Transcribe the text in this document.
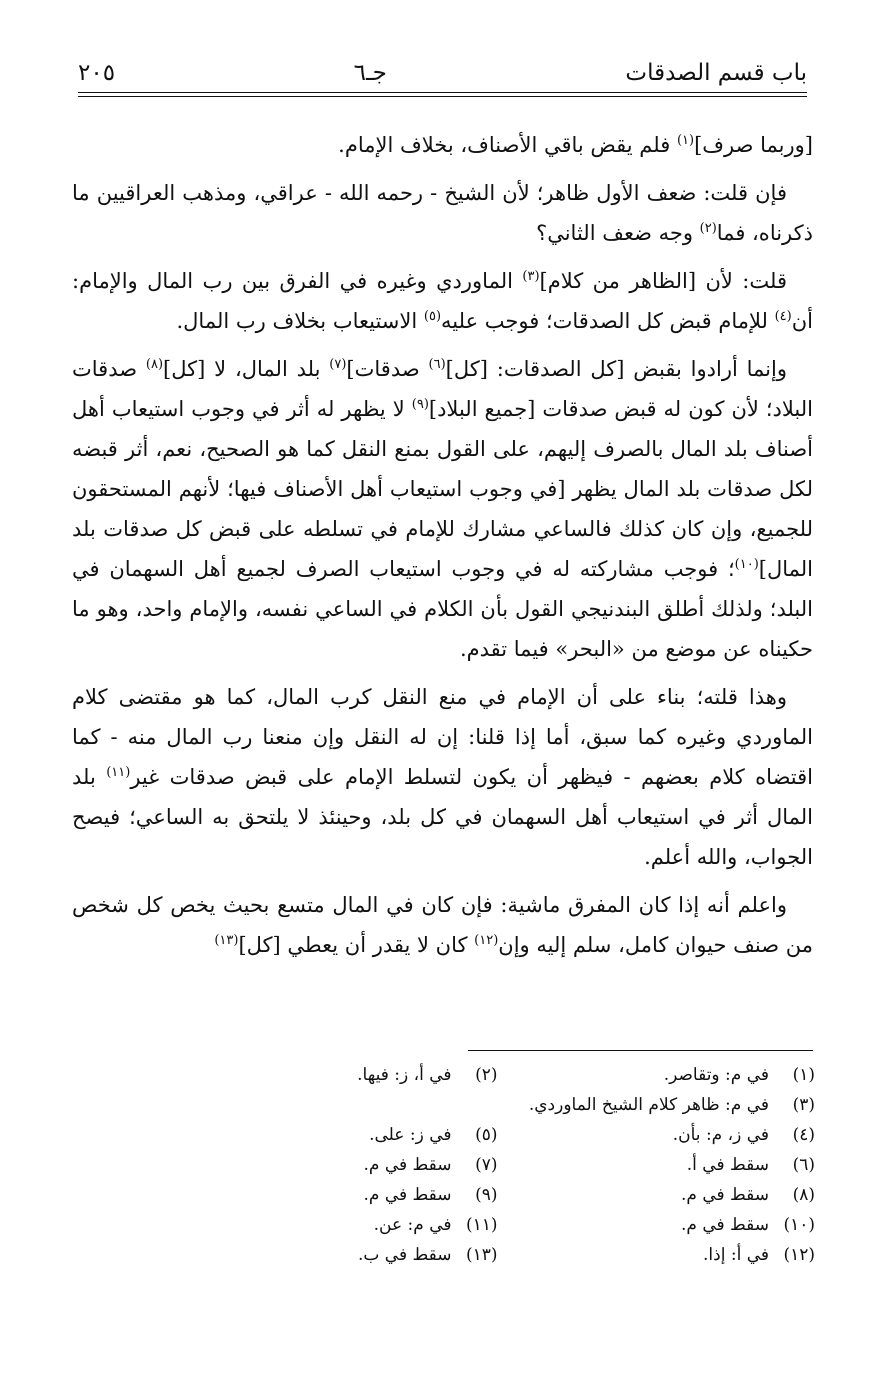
باب قسم الصدقات
جـ٦
٢٠٥

[وربما صرف]$^{(١)}$ فلم يقض باقي الأصناف، بخلاف الإمام.

فإن قلت: ضعف الأول ظاهر؛ لأن الشيخ - رحمه الله - عراقي، ومذهب العراقيين ما ذكرناه، فما$^{(٢)}$ وجه ضعف الثاني؟

قلت: لأن [الظاهر من كلام]$^{(٣)}$ الماوردي وغيره في الفرق بين رب المال والإمام: أن$^{(٤)}$ للإمام قبض كل الصدقات؛ فوجب عليه$^{(٥)}$ الاستيعاب بخلاف رب المال.

وإنما أرادوا بقبض [كل الصدقات: [كل]$^{(٦)}$ صدقات]$^{(٧)}$ بلد المال، لا [كل]$^{(٨)}$ صدقات البلاد؛ لأن كون له قبض صدقات [جميع البلاد]$^{(٩)}$ لا يظهر له أثر في وجوب استيعاب أهل أصناف بلد المال بالصرف إليهم، على القول بمنع النقل كما هو الصحيح، نعم، أثر قبضه لكل صدقات بلد المال يظهر [في وجوب استيعاب أهل الأصناف فيها؛ لأنهم المستحقون للجميع، وإن كان كذلك فالساعي مشارك للإمام في تسلطه على قبض كل صدقات بلد المال]$^{(١٠)}$؛ فوجب مشاركته له في وجوب استيعاب الصرف لجميع أهل السهمان في البلد؛ ولذلك أطلق البندنيجي القول بأن الكلام في الساعي نفسه، والإمام واحد، وهو ما حكيناه عن موضع من «البحر» فيما تقدم.

وهذا قلته؛ بناء على أن الإمام في منع النقل كرب المال، كما هو مقتضى كلام الماوردي وغيره كما سبق، أما إذا قلنا: إن له النقل وإن منعنا رب المال منه - كما اقتضاه كلام بعضهم - فيظهر أن يكون لتسلط الإمام على قبض صدقات غير$^{(١١)}$ بلد المال أثر في استيعاب أهل السهمان في كل بلد، وحينئذ لا يلتحق به الساعي؛ فيصح الجواب، والله أعلم.

واعلم أنه إذا كان المفرق ماشية: فإن كان في المال متسع بحيث يخص كل شخص من صنف حيوان كامل، سلم إليه وإن$^{(١٢)}$ كان لا يقدر أن يعطي [كل]$^{(١٣)}$

(١)في م: وتقاصر.
(٢)في أ، ز: فيها.
(٣)في م: ظاهر كلام الشيخ الماوردي.
(٤)في ز، م: بأن.
(٥)في ز: على.
(٦)سقط في أ.
(٧)سقط في م.
(٨)سقط في م.
(٩)سقط في م.
(١٠)سقط في م.
(١١)في م: عن.
(١٢)في أ: إذا.
(١٣)سقط في ب.
